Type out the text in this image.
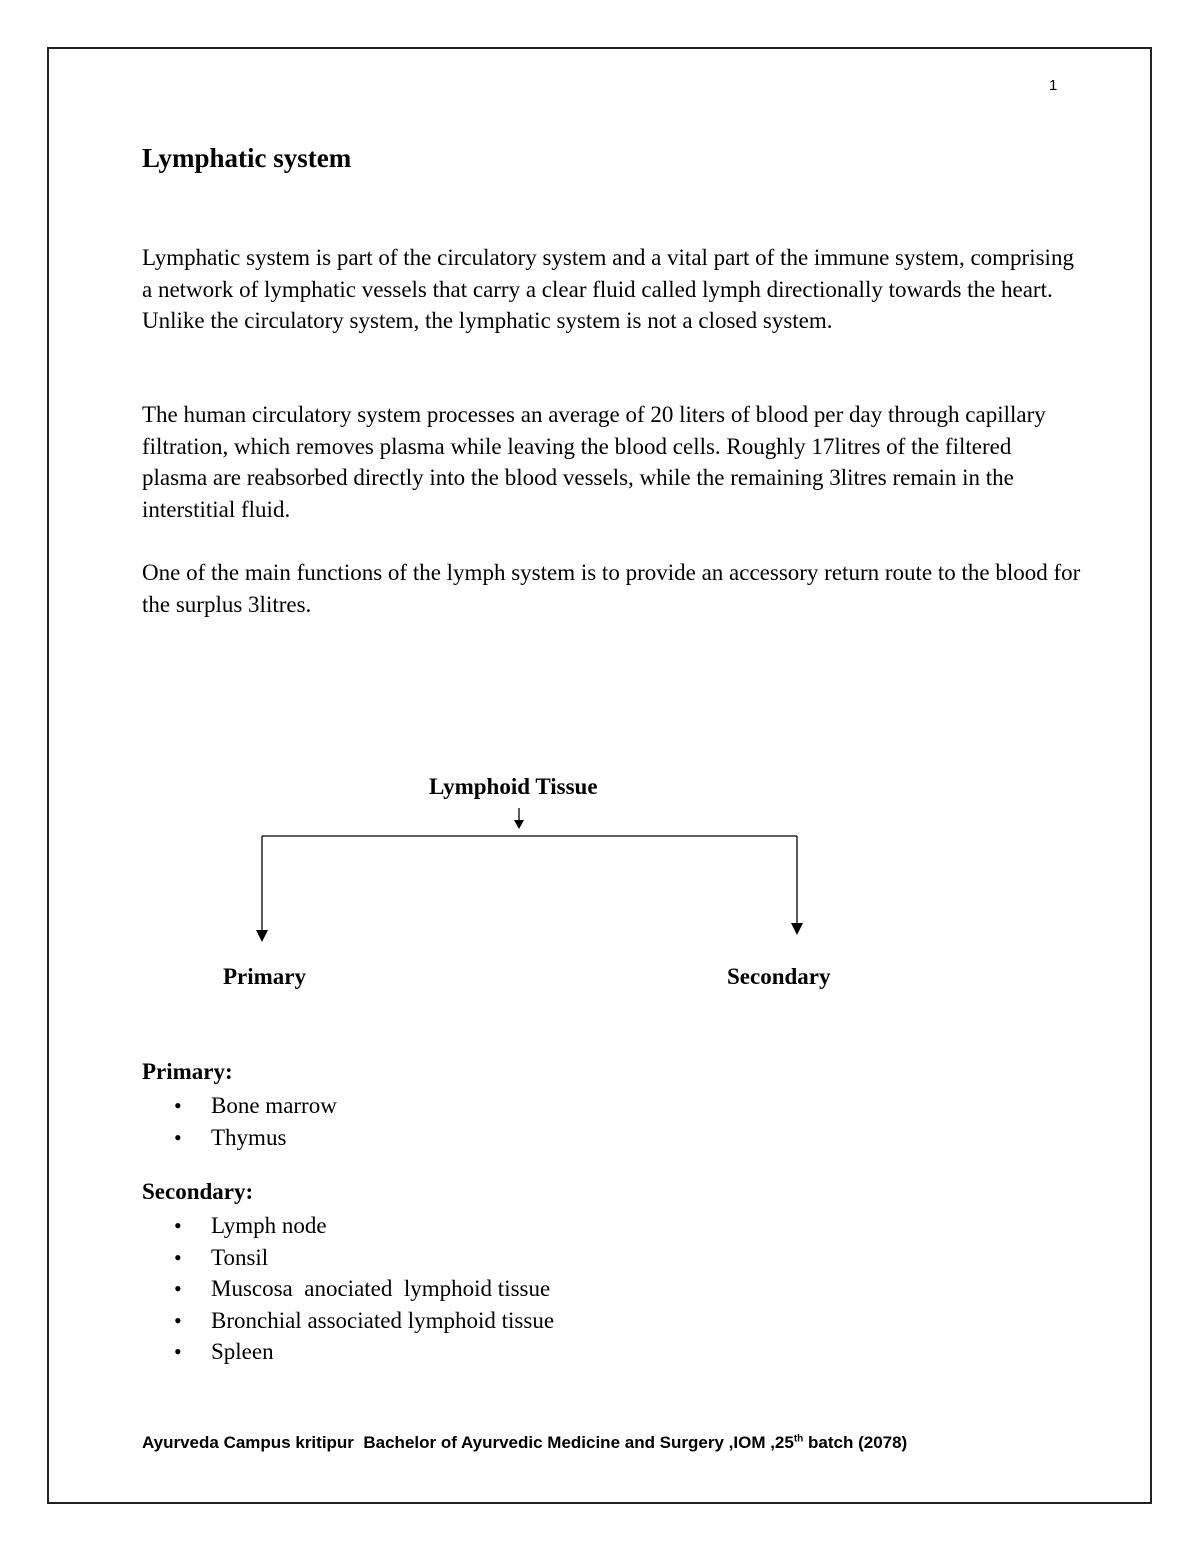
1
Lymphatic system
Lymphatic system is part of the circulatory system and a vital part of the immune system, comprising a network of lymphatic vessels that carry a clear fluid called lymph directionally towards the heart. Unlike the circulatory system, the lymphatic system is not a closed system.
The human circulatory system processes an average of 20 liters of blood per day through capillary filtration, which removes plasma while leaving the blood cells. Roughly 17litres of the filtered plasma are reabsorbed directly into the blood vessels, while the remaining 3litres remain in the interstitial fluid.
One of the main functions of the lymph system is to provide an accessory return route to the blood for the surplus 3litres.
Lymphoid Tissue
Primary	Secondary
Primary:
• Bone marrow
• Thymus
Secondary:
• Lymph node
• Tonsil
• Muscosa  anociated  lymphoid tissue
• Bronchial associated lymphoid tissue
• Spleen
Ayurveda Campus kritipur  Bachelor of Ayurvedic Medicine and Surgery ,IOM ,25th batch (2078)
